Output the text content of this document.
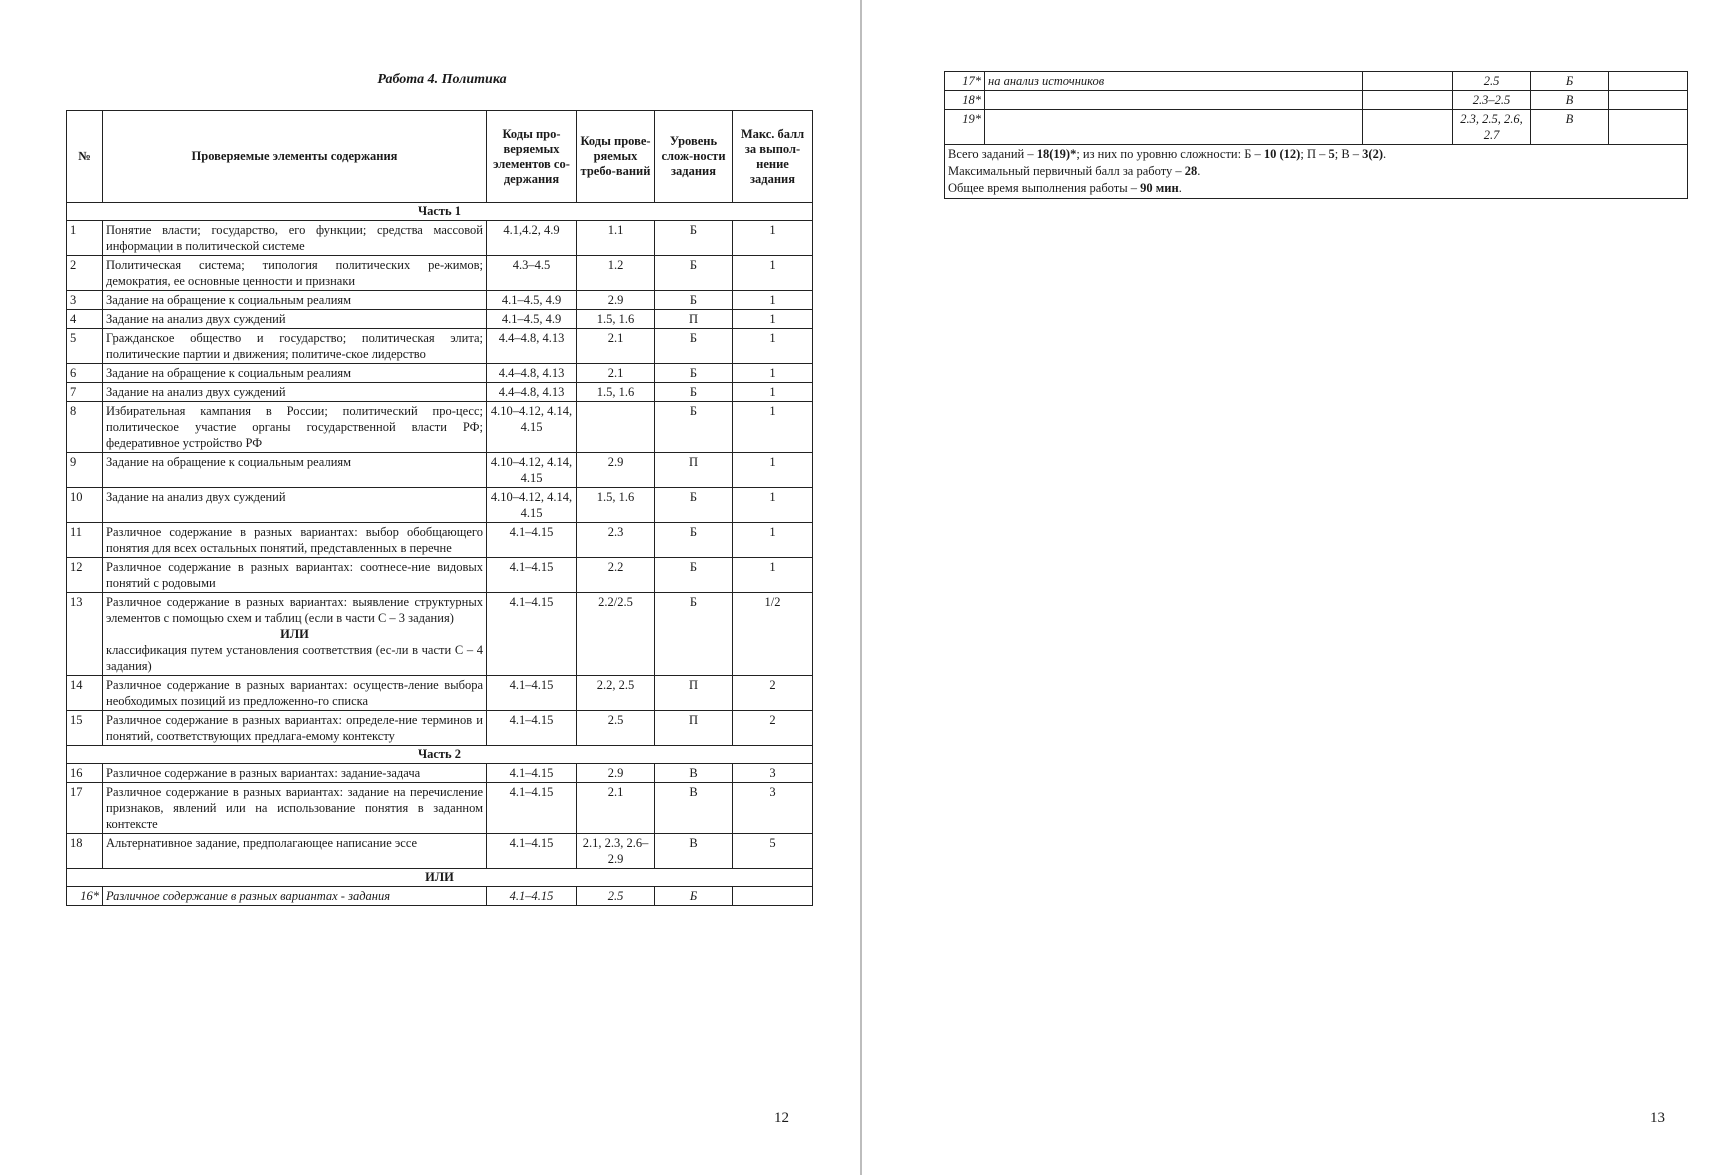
Работа 4. Политика
№	Проверяемые элементы содержания	Коды про-веряемых элементов со-держания	Коды прове-ряемых требо-ваний	Уровень слож-ности задания	Макс. балл за выпол-нение задания
Часть 1					
1	Понятие власти; государство, его функции; средства массовой информации в политической системе	4.1,4.2, 4.9	1.1	Б	1
2	Политическая система; типология политических ре-жимов; демократия, ее основные ценности и признаки	4.3–4.5	1.2	Б	1
3	Задание на обращение к социальным реалиям	4.1–4.5, 4.9	2.9	Б	1
4	Задание на анализ двух суждений	4.1–4.5, 4.9	1.5, 1.6	П	1
5	Гражданское общество и государство; политическая элита; политические партии и движения; политиче-ское лидерство	4.4–4.8, 4.13	2.1	Б	1
6	Задание на обращение к социальным реалиям	4.4–4.8, 4.13	2.1	Б	1
7	Задание на анализ двух суждений	4.4–4.8, 4.13	1.5, 1.6	Б	1
8	Избирательная кампания в России; политический про-цесс; политическое участие органы государственной власти РФ; федеративное устройство РФ	4.10–4.12, 4.14, 4.15		Б	1
9	Задание на обращение к социальным реалиям	4.10–4.12, 4.14, 4.15	2.9	П	1
10	Задание на анализ двух суждений	4.10–4.12, 4.14, 4.15	1.5, 1.6	Б	1
11	Различное содержание в разных вариантах: выбор обобщающего понятия для всех остальных понятий, представленных в перечне	4.1–4.15	2.3	Б	1
12	Различное содержание в разных вариантах: соотнесе-ние видовых понятий с родовыми	4.1–4.15	2.2	Б	1
13	Различное содержание в разных вариантах: выявление структурных элементов с помощью схем и таблиц (если в части С – 3 задания)
ИЛИ
классификация путем установления соответствия (ес-ли в части С – 4 задания)	4.1–4.15	2.2/2.5	Б	1/2
14	Различное содержание в разных вариантах: осуществ-ление выбора необходимых позиций из предложенно-го списка	4.1–4.15	2.2, 2.5	П	2
15	Различное содержание в разных вариантах: определе-ние терминов и понятий, соответствующих предлага-емому контексту	4.1–4.15	2.5	П	2
Часть 2					
16	Различное содержание в разных вариантах: задание-задача	4.1–4.15	2.9	В	3
17	Различное содержание в разных вариантах: задание на перечисление признаков, явлений или на использование понятия в заданном контексте	4.1–4.15	2.1	В	3
18	Альтернативное задание, предполагающее написание эссе	4.1–4.15	2.1, 2.3, 2.6–2.9	В	5
ИЛИ					
16*	Различное содержание в разных вариантах - задания	4.1–4.15	2.5	Б	
12	13
17*	на анализ источников		2.5	Б	
18*			2.3–2.5	В	
19*			2.3, 2.5, 2.6, 2.7	В	

Всего заданий – 18(19)*; из них по уровню сложности: Б – 10 (12); П – 5; В – 3(2).
Максимальный первичный балл за работу – 28.
Общее время выполнения работы – 90 мин.					
